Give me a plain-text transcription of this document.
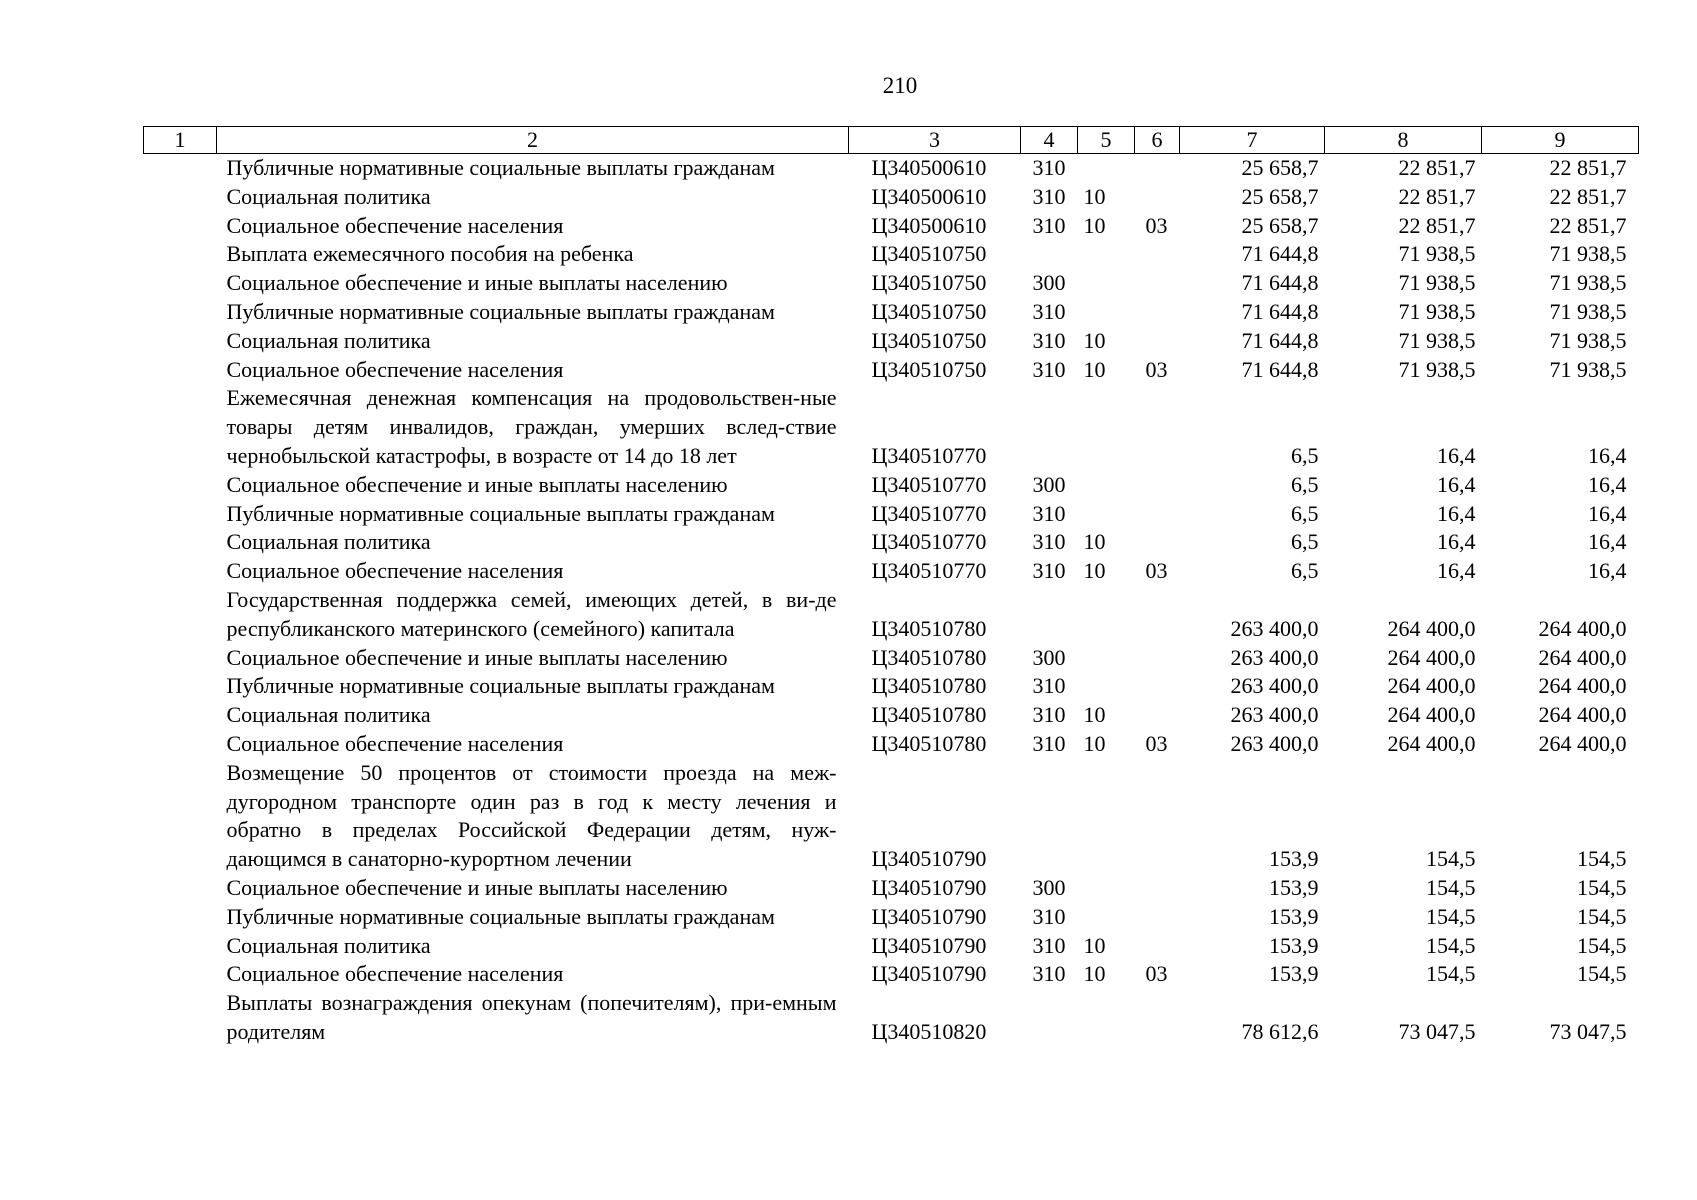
210
1	2	3	4	5	6	7	8	9
	Публичные нормативные социальные выплаты гражданам	Ц340500610	310			25 658,7	22 851,7	22 851,7
	Социальная политика	Ц340500610	310	10		25 658,7	22 851,7	22 851,7
	Социальное обеспечение населения	Ц340500610	310	10	03	25 658,7	22 851,7	22 851,7
	Выплата ежемесячного пособия на ребенка	Ц340510750				71 644,8	71 938,5	71 938,5
	Социальное обеспечение и иные выплаты населению	Ц340510750	300			71 644,8	71 938,5	71 938,5
	Публичные нормативные социальные выплаты гражданам	Ц340510750	310			71 644,8	71 938,5	71 938,5
	Социальная политика	Ц340510750	310	10		71 644,8	71 938,5	71 938,5
	Социальное обеспечение населения	Ц340510750	310	10	03	71 644,8	71 938,5	71 938,5
	Ежемесячная денежная компенсация на продовольствен-ные товары детям инвалидов, граждан, умерших вслед-ствие чернобыльской катастрофы, в возрасте от 14 до 18 лет	Ц340510770				6,5	16,4	16,4
	Социальное обеспечение и иные выплаты населению	Ц340510770	300			6,5	16,4	16,4
	Публичные нормативные социальные выплаты гражданам	Ц340510770	310			6,5	16,4	16,4
	Социальная политика	Ц340510770	310	10		6,5	16,4	16,4
	Социальное обеспечение населения	Ц340510770	310	10	03	6,5	16,4	16,4
	Государственная поддержка семей, имеющих детей, в ви-де республиканского материнского (семейного) капитала	Ц340510780				263 400,0	264 400,0	264 400,0
	Социальное обеспечение и иные выплаты населению	Ц340510780	300			263 400,0	264 400,0	264 400,0
	Публичные нормативные социальные выплаты гражданам	Ц340510780	310			263 400,0	264 400,0	264 400,0
	Социальная политика	Ц340510780	310	10		263 400,0	264 400,0	264 400,0
	Социальное обеспечение населения	Ц340510780	310	10	03	263 400,0	264 400,0	264 400,0
	Возмещение 50 процентов от стоимости проезда на меж-дугородном транспорте один раз в год к месту лечения и обратно в пределах Российской Федерации детям, нуж-дающимся в санаторно-курортном лечении	Ц340510790				153,9	154,5	154,5
	Социальное обеспечение и иные выплаты населению	Ц340510790	300			153,9	154,5	154,5
	Публичные нормативные социальные выплаты гражданам	Ц340510790	310			153,9	154,5	154,5
	Социальная политика	Ц340510790	310	10		153,9	154,5	154,5
	Социальное обеспечение населения	Ц340510790	310	10	03	153,9	154,5	154,5
	Выплаты вознаграждения опекунам (попечителям), при-емным родителям	Ц340510820				78 612,6	73 047,5	73 047,5
